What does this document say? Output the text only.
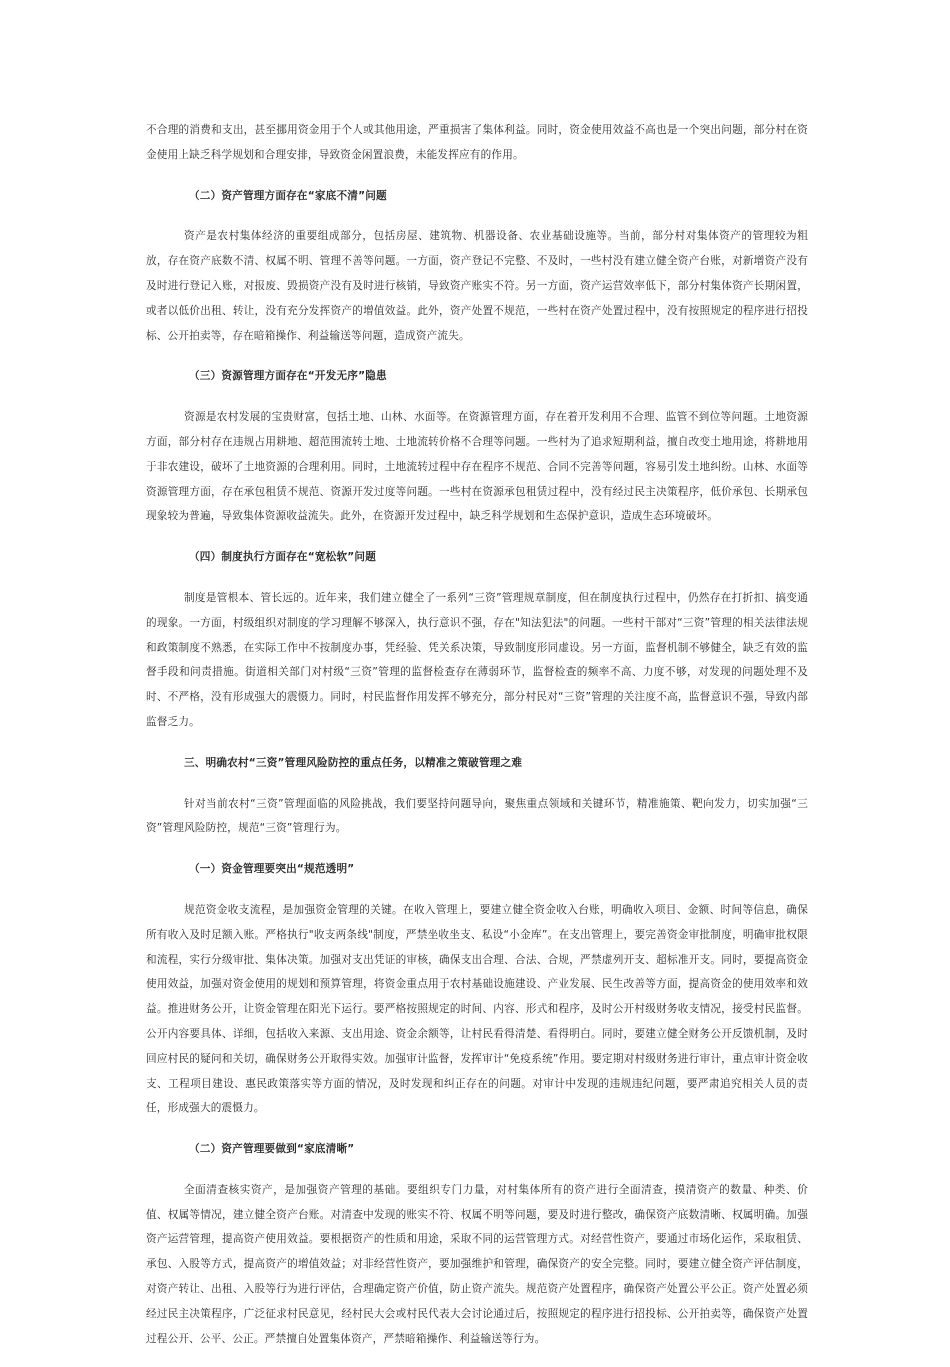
不合理的消费和支出，甚至挪用资金用于个人或其他用途，严重损害了集体利益。同时，资金使用效益不高也是一个突出问题，部分村在资金使用上缺乏科学规划和合理安排，导致资金闲置浪费，未能发挥应有的作用。

（二）资产管理方面存在“家底不清”问题

资产是农村集体经济的重要组成部分，包括房屋、建筑物、机器设备、农业基础设施等。当前，部分村对集体资产的管理较为粗放，存在资产底数不清、权属不明、管理不善等问题。一方面，资产登记不完整、不及时，一些村没有建立健全资产台账，对新增资产没有及时进行登记入账，对报废、毁损资产没有及时进行核销，导致资产账实不符。另一方面，资产运营效率低下，部分村集体资产长期闲置，或者以低价出租、转让，没有充分发挥资产的增值效益。此外，资产处置不规范，一些村在资产处置过程中，没有按照规定的程序进行招投标、公开拍卖等，存在暗箱操作、利益输送等问题，造成资产流失。

（三）资源管理方面存在“开发无序”隐患

资源是农村发展的宝贵财富，包括土地、山林、水面等。在资源管理方面，存在着开发利用不合理、监管不到位等问题。土地资源方面，部分村存在违规占用耕地、超范围流转土地、土地流转价格不合理等问题。一些村为了追求短期利益，擅自改变土地用途，将耕地用于非农建设，破坏了土地资源的合理利用。同时，土地流转过程中存在程序不规范、合同不完善等问题，容易引发土地纠纷。山林、水面等资源管理方面，存在承包租赁不规范、资源开发过度等问题。一些村在资源承包租赁过程中，没有经过民主决策程序，低价承包、长期承包现象较为普遍，导致集体资源收益流失。此外，在资源开发过程中，缺乏科学规划和生态保护意识，造成生态环境破坏。

（四）制度执行方面存在“宽松软”问题

制度是管根本、管长远的。近年来，我们建立健全了一系列“三资”管理规章制度，但在制度执行过程中，仍然存在打折扣、搞变通的现象。一方面，村级组织对制度的学习理解不够深入，执行意识不强，存在"知法犯法"的问题。一些村干部对“三资”管理的相关法律法规和政策制度不熟悉，在实际工作中不按制度办事，凭经验、凭关系决策，导致制度形同虚设。另一方面，监督机制不够健全，缺乏有效的监督手段和问责措施。街道相关部门对村级“三资”管理的监督检查存在薄弱环节，监督检查的频率不高、力度不够，对发现的问题处理不及时、不严格，没有形成强大的震慑力。同时，村民监督作用发挥不够充分，部分村民对“三资”管理的关注度不高，监督意识不强，导致内部监督乏力。

三、明确农村“三资”管理风险防控的重点任务，以精准之策破管理之难

针对当前农村“三资”管理面临的风险挑战，我们要坚持问题导向，聚焦重点领域和关键环节，精准施策、靶向发力，切实加强“三资”管理风险防控，规范“三资”管理行为。

（一）资金管理要突出“规范透明”

规范资金收支流程，是加强资金管理的关键。在收入管理上，要建立健全资金收入台账，明确收入项目、金额、时间等信息，确保所有收入及时足额入账。严格执行"收支两条线"制度，严禁坐收坐支、私设“小金库”。在支出管理上，要完善资金审批制度，明确审批权限和流程，实行分级审批、集体决策。加强对支出凭证的审核，确保支出合理、合法、合规，严禁虚列开支、超标准开支。同时，要提高资金使用效益，加强对资金使用的规划和预算管理，将资金重点用于农村基础设施建设、产业发展、民生改善等方面，提高资金的使用效率和效益。推进财务公开，让资金管理在阳光下运行。要严格按照规定的时间、内容、形式和程序，及时公开村级财务收支情况，接受村民监督。公开内容要具体、详细，包括收入来源、支出用途、资金余额等，让村民看得清楚、看得明白。同时，要建立健全财务公开反馈机制，及时回应村民的疑问和关切，确保财务公开取得实效。加强审计监督，发挥审计“免疫系统”作用。要定期对村级财务进行审计，重点审计资金收支、工程项目建设、惠民政策落实等方面的情况，及时发现和纠正存在的问题。对审计中发现的违规违纪问题，要严肃追究相关人员的责任，形成强大的震慑力。

（二）资产管理要做到“家底清晰”

全面清查核实资产，是加强资产管理的基础。要组织专门力量，对村集体所有的资产进行全面清查，摸清资产的数量、种类、价值、权属等情况，建立健全资产台账。对清查中发现的账实不符、权属不明等问题，要及时进行整改，确保资产底数清晰、权属明确。加强资产运营管理，提高资产使用效益。要根据资产的性质和用途，采取不同的运营管理方式。对经营性资产，要通过市场化运作，采取租赁、承包、入股等方式，提高资产的增值效益；对非经营性资产，要加强维护和管理，确保资产的安全完整。同时，要建立健全资产评估制度，对资产转让、出租、入股等行为进行评估，合理确定资产价值，防止资产流失。规范资产处置程序，确保资产处置公平公正。资产处置必须经过民主决策程序，广泛征求村民意见，经村民大会或村民代表大会讨论通过后，按照规定的程序进行招投标、公开拍卖等，确保资产处置过程公开、公平、公正。严禁擅自处置集体资产，严禁暗箱操作、利益输送等行为。
